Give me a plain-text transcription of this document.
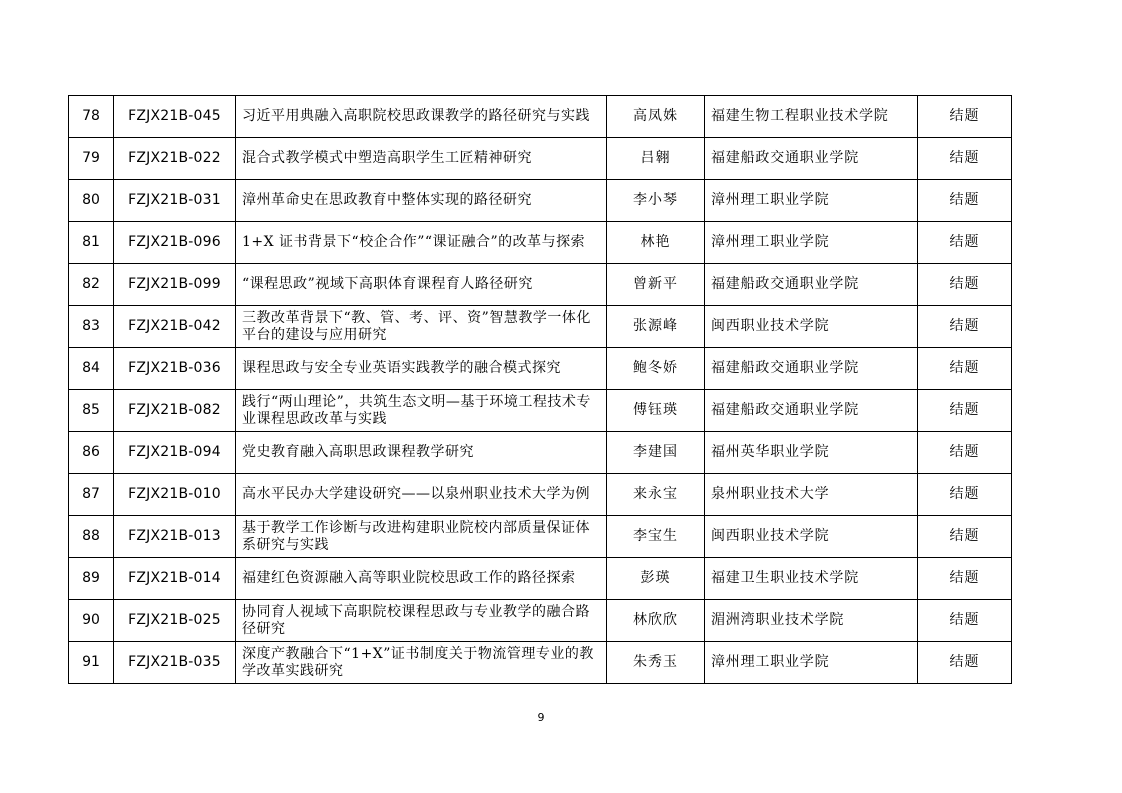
78	FZJX21B-045	习近平用典融入高职院校思政课教学的路径研究与实践	高凤姝	福建生物工程职业技术学院	结题
79	FZJX21B-022	混合式教学模式中塑造高职学生工匠精神研究	吕翱	福建船政交通职业学院	结题
80	FZJX21B-031	漳州革命史在思政教育中整体实现的路径研究	李小琴	漳州理工职业学院	结题
81	FZJX21B-096	1+X 证书背景下“校企合作”“课证融合”的改革与探索	林艳	漳州理工职业学院	结题
82	FZJX21B-099	“课程思政”视域下高职体育课程育人路径研究	曾新平	福建船政交通职业学院	结题
83	FZJX21B-042	三教改革背景下“教、管、考、评、资”智慧教学一体化平台的建设与应用研究	张源峰	闽西职业技术学院	结题
84	FZJX21B-036	课程思政与安全专业英语实践教学的融合模式探究	鲍冬娇	福建船政交通职业学院	结题
85	FZJX21B-082	践行“两山理论”，共筑生态文明—基于环境工程技术专业课程思政改革与实践	傅钰瑛	福建船政交通职业学院	结题
86	FZJX21B-094	党史教育融入高职思政课程教学研究	李建国	福州英华职业学院	结题
87	FZJX21B-010	高水平民办大学建设研究——以泉州职业技术大学为例	来永宝	泉州职业技术大学	结题
88	FZJX21B-013	基于教学工作诊断与改进构建职业院校内部质量保证体系研究与实践	李宝生	闽西职业技术学院	结题
89	FZJX21B-014	福建红色资源融入高等职业院校思政工作的路径探索	彭瑛	福建卫生职业技术学院	结题
90	FZJX21B-025	协同育人视域下高职院校课程思政与专业教学的融合路径研究	林欣欣	湄洲湾职业技术学院	结题
91	FZJX21B-035	深度产教融合下“1+X”证书制度关于物流管理专业的教学改革实践研究	朱秀玉	漳州理工职业学院	结题
9
